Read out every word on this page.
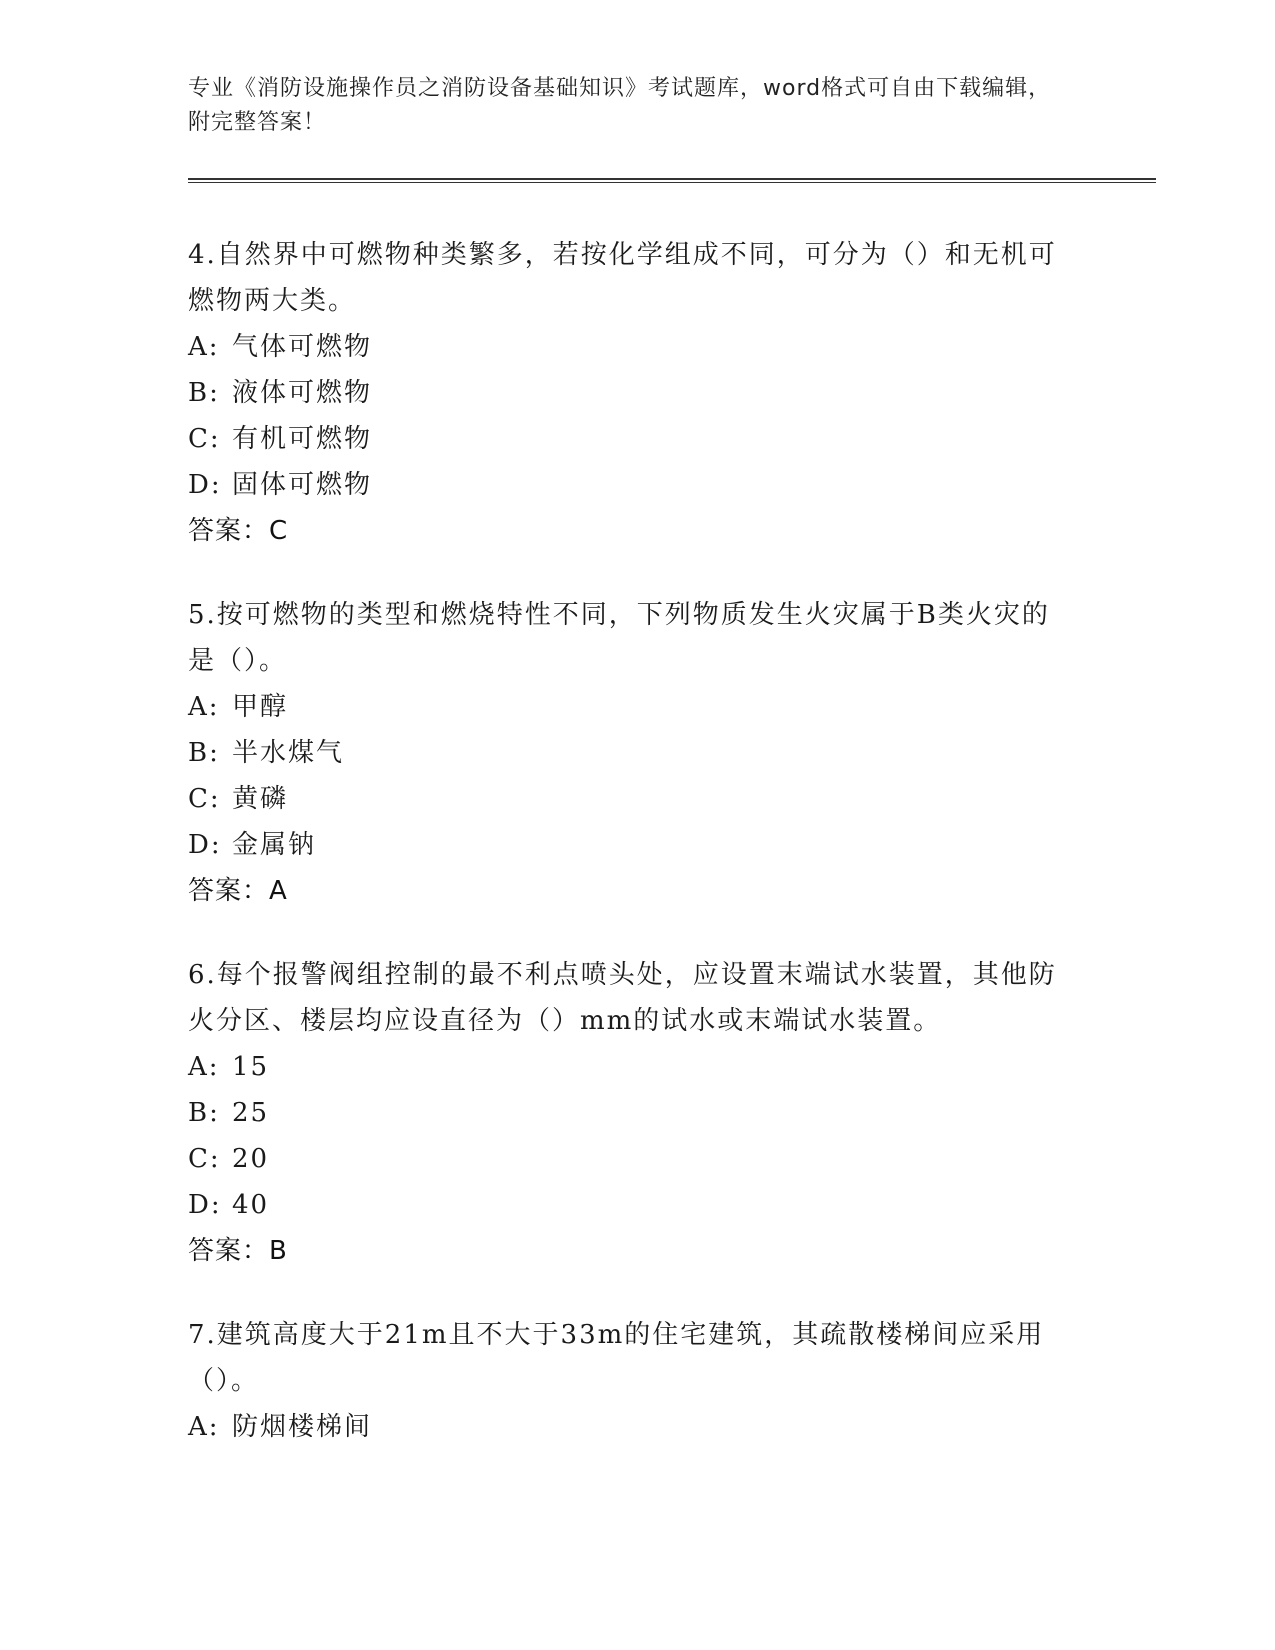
专业《消防设施操作员之消防设备基础知识》考试题库，word格式可自由下载编辑，附完整答案！
4.自然界中可燃物种类繁多，若按化学组成不同，可分为（）和无机可燃物两大类。
A: 气体可燃物
B: 液体可燃物
C: 有机可燃物
D: 固体可燃物
答案：C
5.按可燃物的类型和燃烧特性不同，下列物质发生火灾属于B类火灾的是（）。
A: 甲醇
B: 半水煤气
C: 黄磷
D: 金属钠
答案：A
6.每个报警阀组控制的最不利点喷头处，应设置末端试水装置，其他防火分区、楼层均应设直径为（）mm的试水或末端试水装置。
A: 15
B: 25
C: 20
D: 40
答案：B
7.建筑高度大于21m且不大于33m的住宅建筑，其疏散楼梯间应采用（）。
A: 防烟楼梯间
